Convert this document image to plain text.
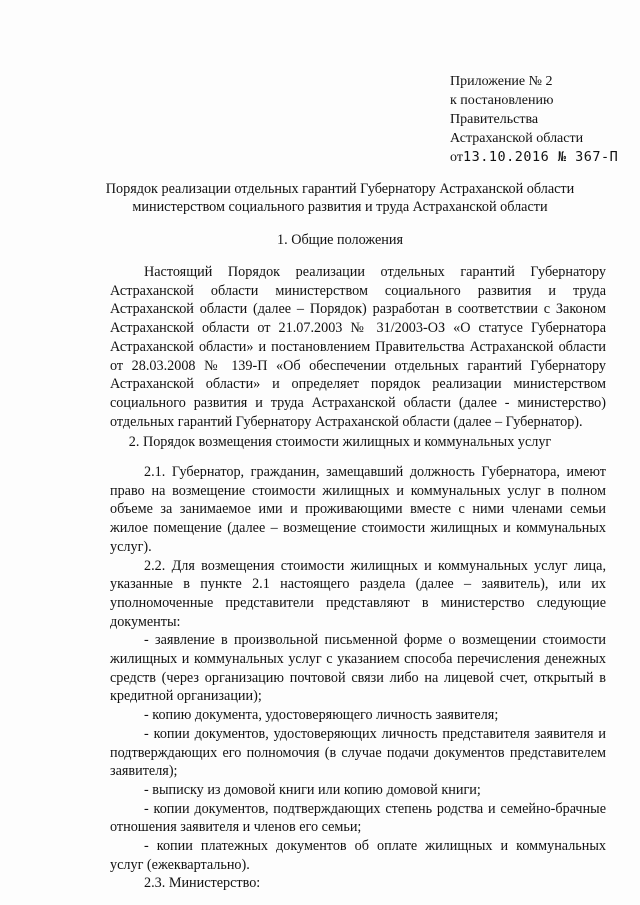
Приложение № 2
к постановлению
Правительства
Астраханской области
от13.10.2016 № 367-П
Порядок реализации отдельных гарантий Губернатору Астраханской области министерством социального развития и труда Астраханской области
1. Общие положения

Настоящий Порядок реализации отдельных гарантий Губернатору Астраханской области министерством социального развития и труда Астраханской области (далее – Порядок) разработан в соответствии с Законом Астраханской области от 21.07.2003 № 31/2003-ОЗ «О статусе Губернатора Астраханской области» и постановлением Правительства Астраханской области от 28.03.2008 № 139-П «Об обеспечении отдельных гарантий Губернатору Астраханской области» и определяет порядок реализации министерством социального развития и труда Астраханской области (далее - министерство) отдельных гарантий Губернатору Астраханской области (далее – Губернатор).

2. Порядок возмещения стоимости жилищных и коммунальных услуг

2.1. Губернатор, гражданин, замещавший должность Губернатора, имеют право на возмещение стоимости жилищных и коммунальных услуг в полном объеме за занимаемое ими и проживающими вместе с ними членами семьи жилое помещение (далее – возмещение стоимости жилищных и коммунальных услуг).

2.2. Для возмещения стоимости жилищных и коммунальных услуг лица, указанные в пункте 2.1 настоящего раздела (далее – заявитель), или их уполномоченные представители представляют в министерство следующие документы:

- заявление в произвольной письменной форме о возмещении стоимости жилищных и коммунальных услуг с указанием способа перечисления денежных средств (через организацию почтовой связи либо на лицевой счет, открытый в кредитной организации);

- копию документа, удостоверяющего личность заявителя;

- копии документов, удостоверяющих личность представителя заявителя и подтверждающих его полномочия (в случае подачи документов представителем заявителя);

- выписку из домовой книги или копию домовой книги;

- копии документов, подтверждающих степень родства и семейно-брачные отношения заявителя и членов его семьи;

- копии платежных документов об оплате жилищных и коммунальных услуг (ежеквартально).

2.3. Министерство:
